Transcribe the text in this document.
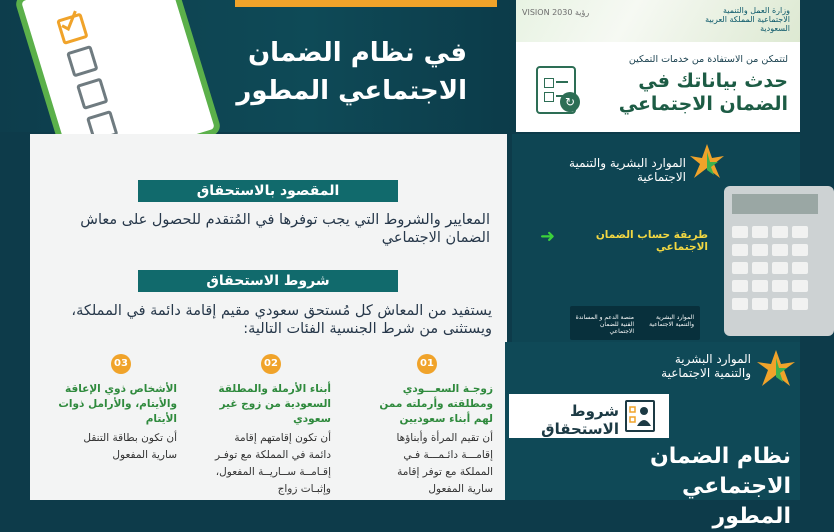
في نظام الضمان
الاجتماعي المطور
VISION رؤية 2030	وزارة العمل والتنمية الاجتماعية المملكة العربية السعودية
لتتمكن من الاستفادة من خدمات التمكين
حدث بياناتك في
الضمان الاجتماعي
↻
المقصود بالاستحقاق
المعايير والشروط التي يجب توفرها في المُتقدم للحصول على معاش الضمان الاجتماعي
شروط الاستحقاق
يستفيد من المعاش كل مُستحق سعودي مقيم إقامة دائمة في المملكة، ويستثنى من شرط الجنسية الفئات التالية:
01
زوجـة السعـــودي ومطلقته وأرملته ممن لهم أبناء سعوديين
أن تقيم المرأة وأبناؤها إقامـــة دائـمـــة فـي المملكة مع توفر إقامة سارية المفعول
02
أبناء الأرملة والمطلقة السعودية من زوج غير سعودي
أن تكون إقامتهم إقامة دائمة في المملكة مع توفـر إقـامــة ســاريــة المفعول، وإثبـات زواج
03
الأشخاص ذوي الإعاقة والأيتام، والأرامل ذوات الأيتام
أن تكون بطاقة التنقل سارية المفعول
الموارد البشرية والتنمية الاجتماعية
➜	طريقة حساب الضمان الاجتماعي
منصة الدعم و المساندة الفنية للضمان الاجتماعي
الموارد البشرية والتنمية الاجتماعية
الموارد البشرية والتنمية الاجتماعية
شروط الاستحقاق
نظام الضمان
الاجتماعي المطور
